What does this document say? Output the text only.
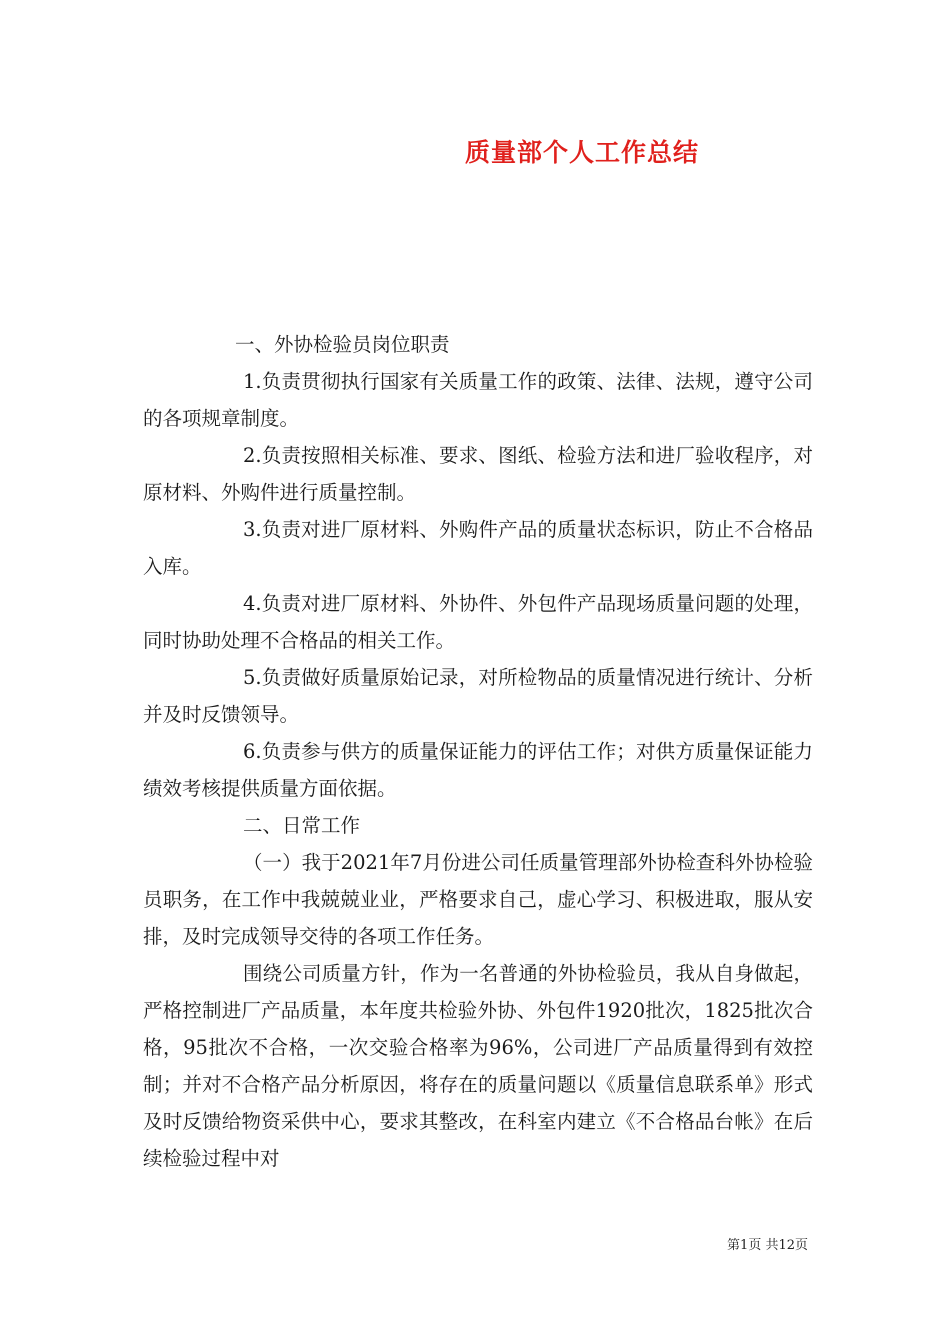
质量部个人工作总结

一、外协检验员岗位职责

1.负责贯彻执行国家有关质量工作的政策、法律、法规，遵守公司的各项规章制度。

2.负责按照相关标准、要求、图纸、检验方法和进厂验收程序，对原材料、外购件进行质量控制。

3.负责对进厂原材料、外购件产品的质量状态标识，防止不合格品入库。

4.负责对进厂原材料、外协件、外包件产品现场质量问题的处理，同时协助处理不合格品的相关工作。

5.负责做好质量原始记录，对所检物品的质量情况进行统计、分析并及时反馈领导。

6.负责参与供方的质量保证能力的评估工作；对供方质量保证能力绩效考核提供质量方面依据。

二、日常工作

（一）我于2021年7月份进公司任质量管理部外协检查科外协检验员职务，在工作中我兢兢业业，严格要求自己，虚心学习、积极进取，服从安排，及时完成领导交待的各项工作任务。

围绕公司质量方针，作为一名普通的外协检验员，我从自身做起，严格控制进厂产品质量，本年度共检验外协、外包件1920批次，1825批次合格，95批次不合格，一次交验合格率为96%，公司进厂产品质量得到有效控制；并对不合格产品分析原因，将存在的质量问题以《质量信息联系单》形式及时反馈给物资采供中心，要求其整改，在科室内建立《不合格品台帐》在后续检验过程中对

第1页 共12页
